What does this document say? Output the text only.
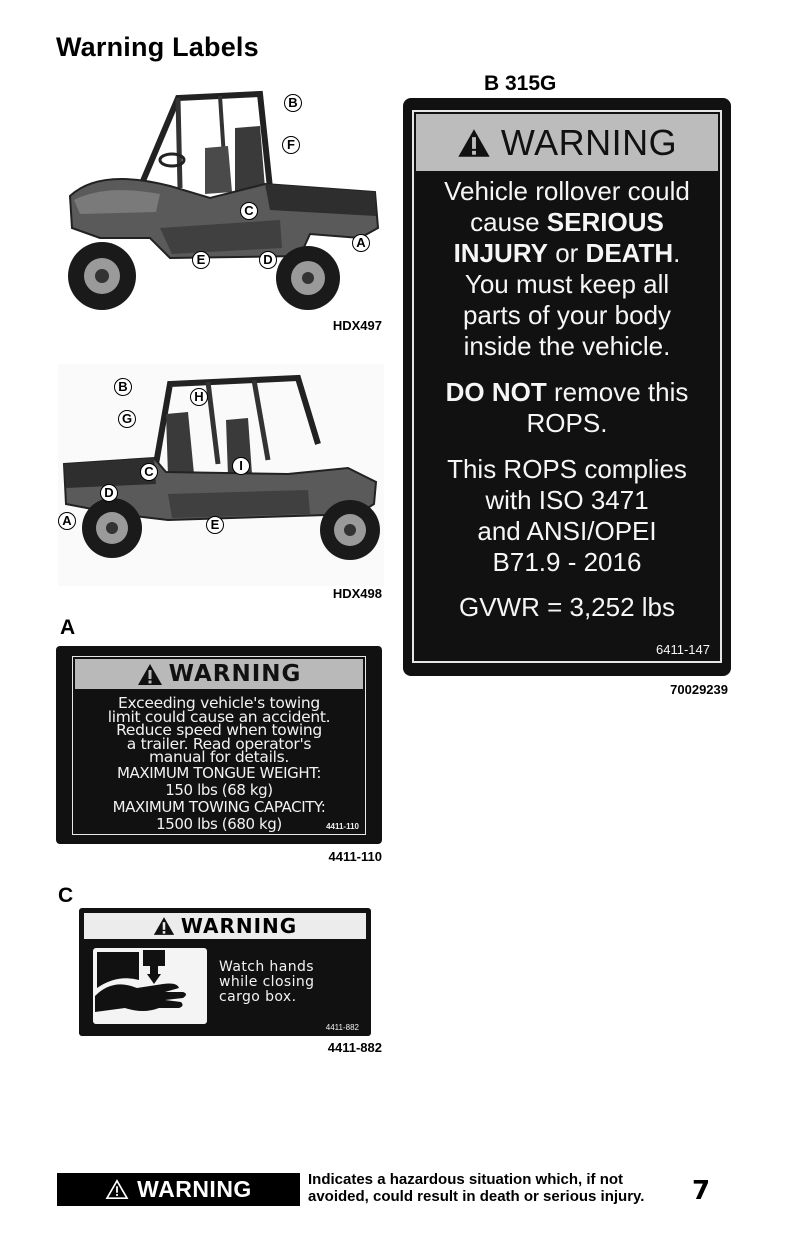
Warning Labels
B
F
C
A
E	D
HDX497
B
H
G
C	I
D
A	E
HDX498
A
WARNING
Exceeding vehicle's towing
limit could cause an accident.
Reduce speed when towing
a trailer. Read operator's
manual for details.
MAXIMUM TONGUE WEIGHT:
150 lbs (68 kg)
MAXIMUM TOWING CAPACITY:
1500 lbs (680 kg)	4411-110
4411-110
C
WARNING
Watch hands
while closing
cargo box.
4411-882
4411-882
B 315G
WARNING
Vehicle rollover could
cause SERIOUS
INJURY or DEATH.
You must keep all
parts of your body
inside the vehicle.
DO NOT remove this
ROPS.
This ROPS complies
with ISO 3471
and ANSI/OPEI
B71.9 - 2016
GVWR = 3,252 lbs
6411-147
70029239
WARNING	Indicates a hazardous situation which, if not
avoided, could result in death or serious injury. 7
